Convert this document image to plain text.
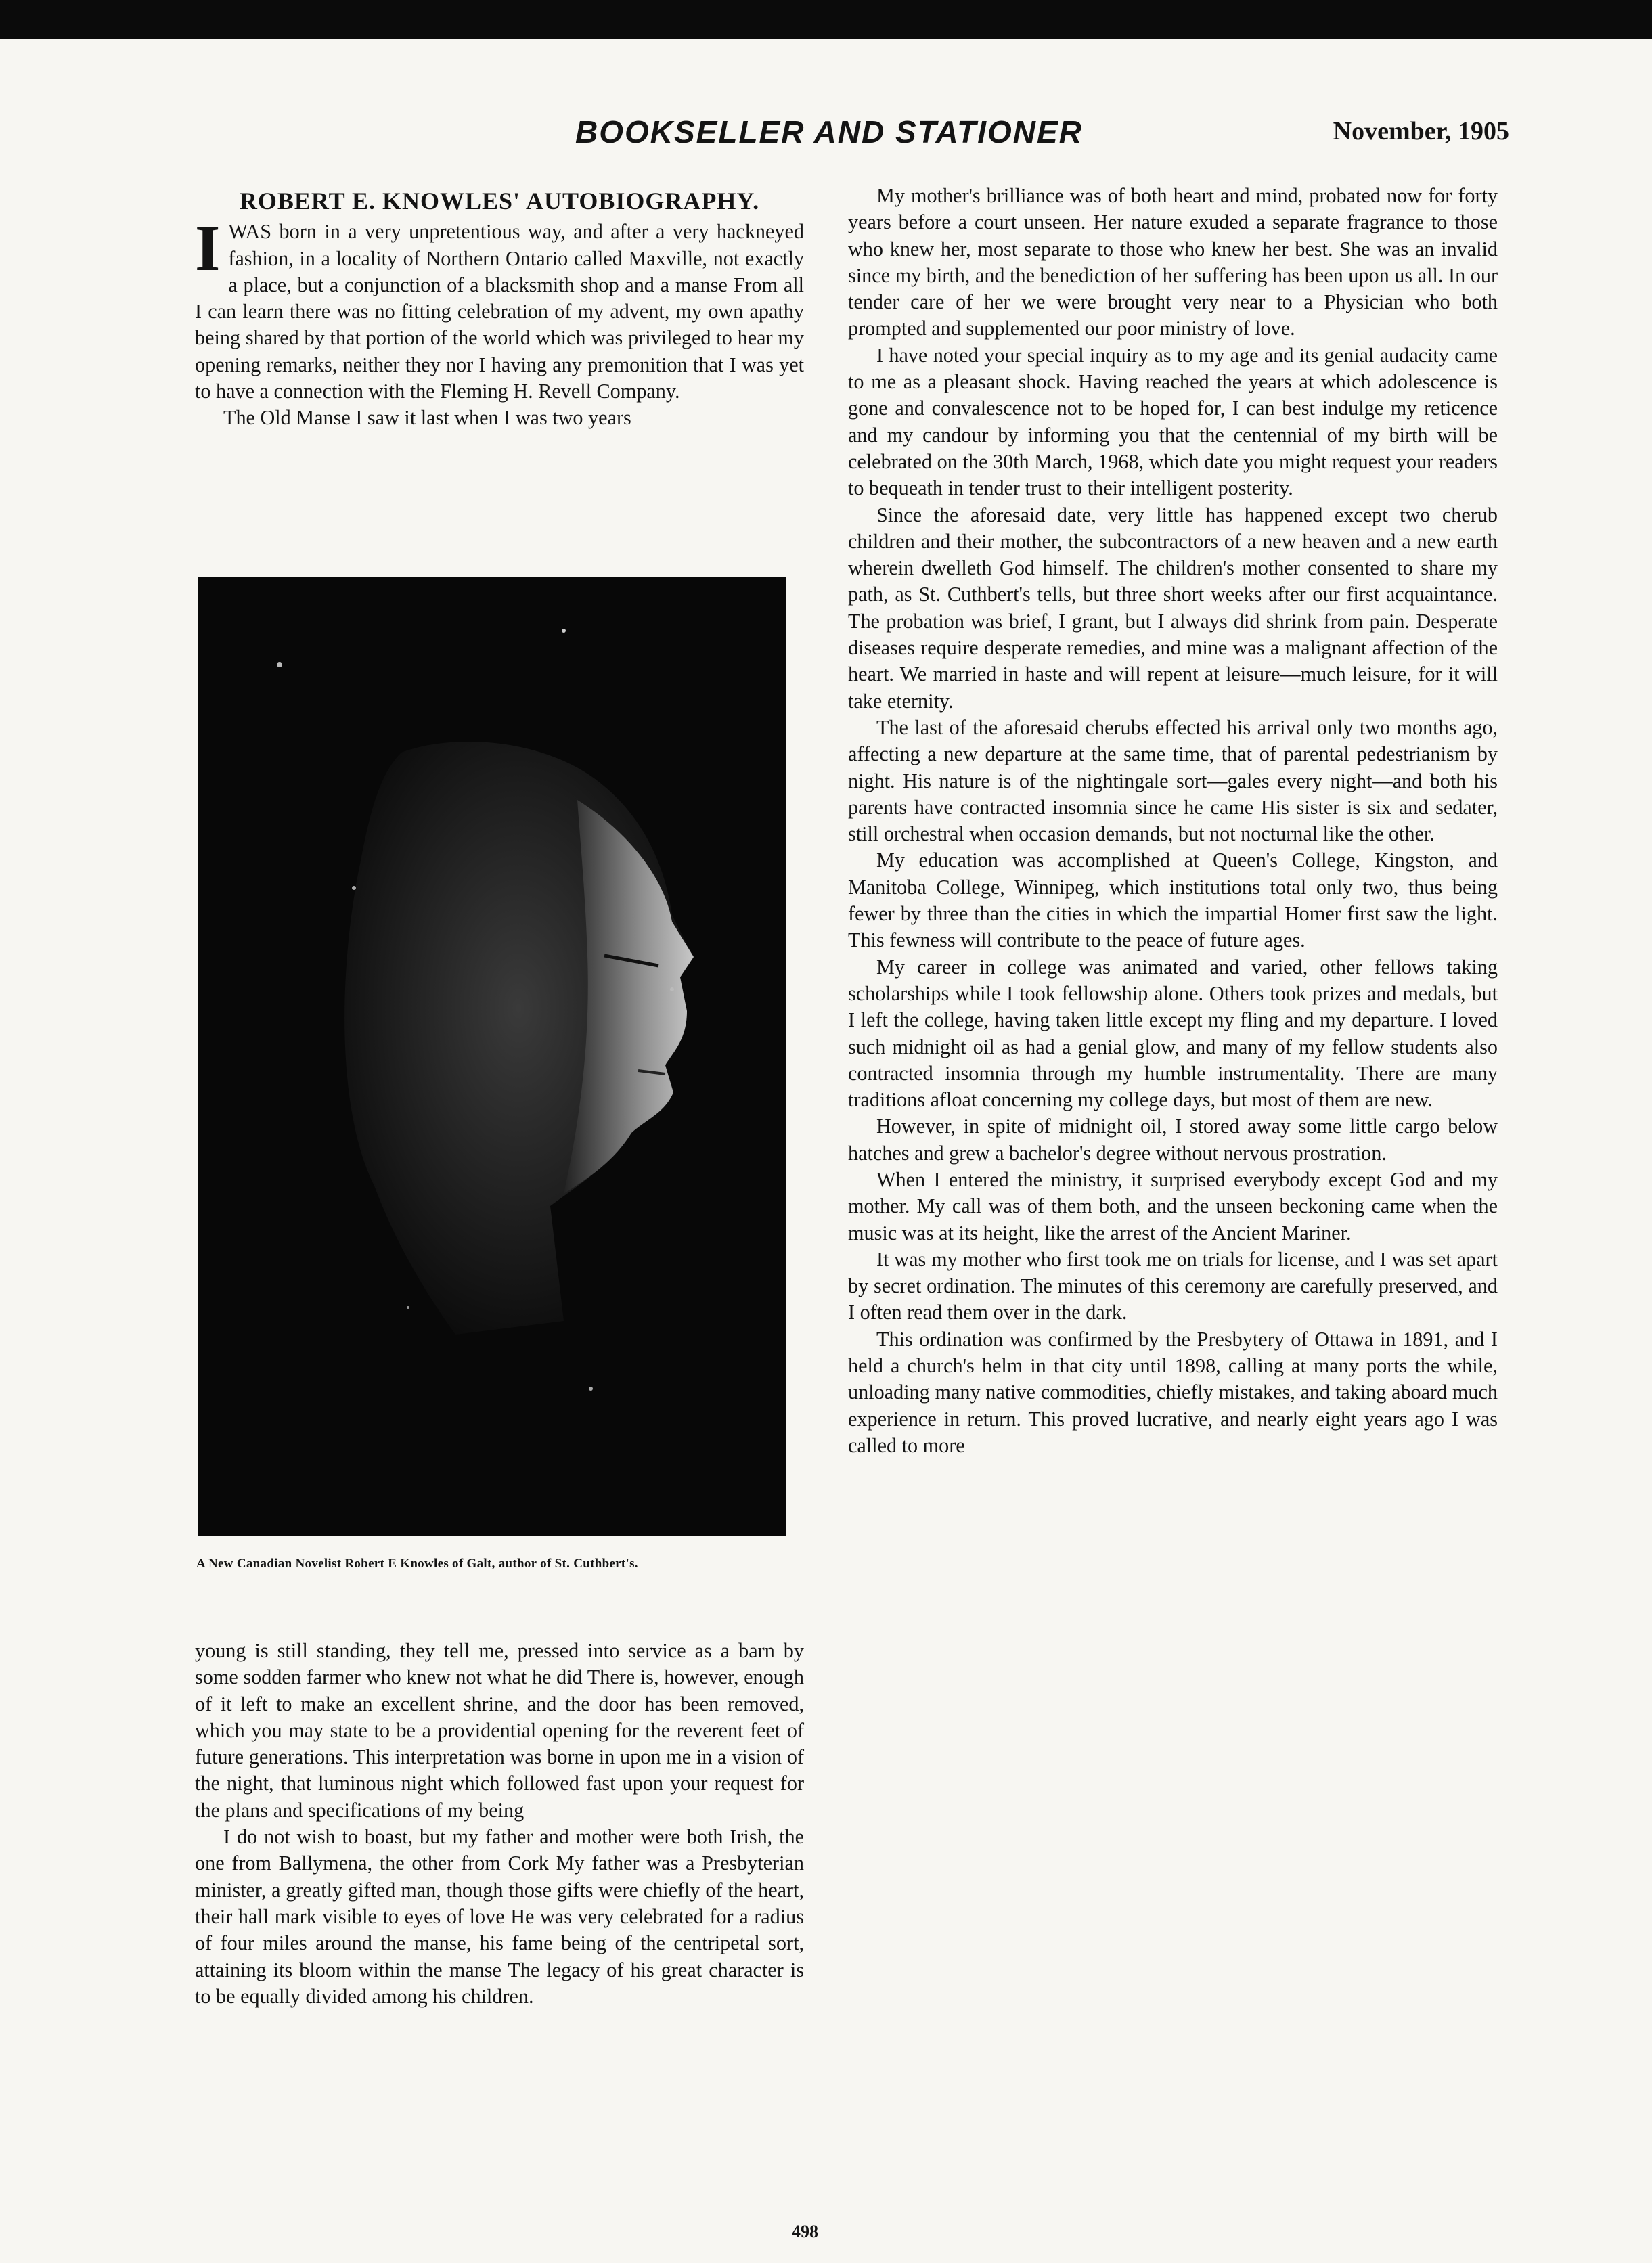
BOOKSELLER AND STATIONER	November, 1905
ROBERT E. KNOWLES' AUTOBIOGRAPHY.

IWAS born in a very unpretentious way, and after a very hackneyed fashion, in a locality of Northern Ontario called Maxville, not exactly a place, but a conjunction of a blacksmith shop and a manse From all I can learn there was no fitting celebration of my advent, my own apathy being shared by that portion of the world which was privileged to hear my opening remarks, neither they nor I having any premonition that I was yet to have a connection with the Fleming H. Revell Company.

The Old Manse I saw it last when I was two years

A New Canadian Novelist Robert E Knowles of Galt, author of St. Cuthbert's.

young is still standing, they tell me, pressed into service as a barn by some sodden farmer who knew not what he did There is, however, enough of it left to make an excellent shrine, and the door has been removed, which you may state to be a providential opening for the reverent feet of future generations. This interpretation was borne in upon me in a vision of the night, that luminous night which followed fast upon your request for the plans and specifications of my being

I do not wish to boast, but my father and mother were both Irish, the one from Ballymena, the other from Cork My father was a Presbyterian minister, a greatly gifted man, though those gifts were chiefly of the heart, their hall mark visible to eyes of love He was very celebrated for a radius of four miles around the manse, his fame being of the centripetal sort, attaining its bloom within the manse The legacy of his great character is to be equally divided among his children.

My mother's brilliance was of both heart and mind, probated now for forty years before a court unseen. Her nature exuded a separate fragrance to those who knew her, most separate to those who knew her best. She was an invalid since my birth, and the benediction of her suffering has been upon us all. In our tender care of her we were brought very near to a Physician who both prompted and supplemented our poor ministry of love.

I have noted your special inquiry as to my age and its genial audacity came to me as a pleasant shock. Having reached the years at which adolescence is gone and convalescence not to be hoped for, I can best indulge my reticence and my candour by informing you that the centennial of my birth will be celebrated on the 30th March, 1968, which date you might request your readers to bequeath in tender trust to their intelligent posterity.

Since the aforesaid date, very little has happened except two cherub children and their mother, the subcontractors of a new heaven and a new earth wherein dwelleth God himself. The children's mother consented to share my path, as St. Cuthbert's tells, but three short weeks after our first acquaintance. The probation was brief, I grant, but I always did shrink from pain. Desperate diseases require desperate remedies, and mine was a malignant affection of the heart. We married in haste and will repent at leisure—much leisure, for it will take eternity.

The last of the aforesaid cherubs effected his arrival only two months ago, affecting a new departure at the same time, that of parental pedestrianism by night. His nature is of the nightingale sort—gales every night—and both his parents have contracted insomnia since he came His sister is six and sedater, still orchestral when occasion demands, but not nocturnal like the other.

My education was accomplished at Queen's College, Kingston, and Manitoba College, Winnipeg, which institutions total only two, thus being fewer by three than the cities in which the impartial Homer first saw the light. This fewness will contribute to the peace of future ages.

My career in college was animated and varied, other fellows taking scholarships while I took fellowship alone. Others took prizes and medals, but I left the college, having taken little except my fling and my departure. I loved such midnight oil as had a genial glow, and many of my fellow students also contracted insomnia through my humble instrumentality. There are many traditions afloat concerning my college days, but most of them are new.

However, in spite of midnight oil, I stored away some little cargo below hatches and grew a bachelor's degree without nervous prostration.

When I entered the ministry, it surprised everybody except God and my mother. My call was of them both, and the unseen beckoning came when the music was at its height, like the arrest of the Ancient Mariner.

It was my mother who first took me on trials for license, and I was set apart by secret ordination. The minutes of this ceremony are carefully preserved, and I often read them over in the dark.

This ordination was confirmed by the Presbytery of Ottawa in 1891, and I held a church's helm in that city until 1898, calling at many ports the while, unloading many native commodities, chiefly mistakes, and taking aboard much experience in return. This proved lucrative, and nearly eight years ago I was called to more

498
